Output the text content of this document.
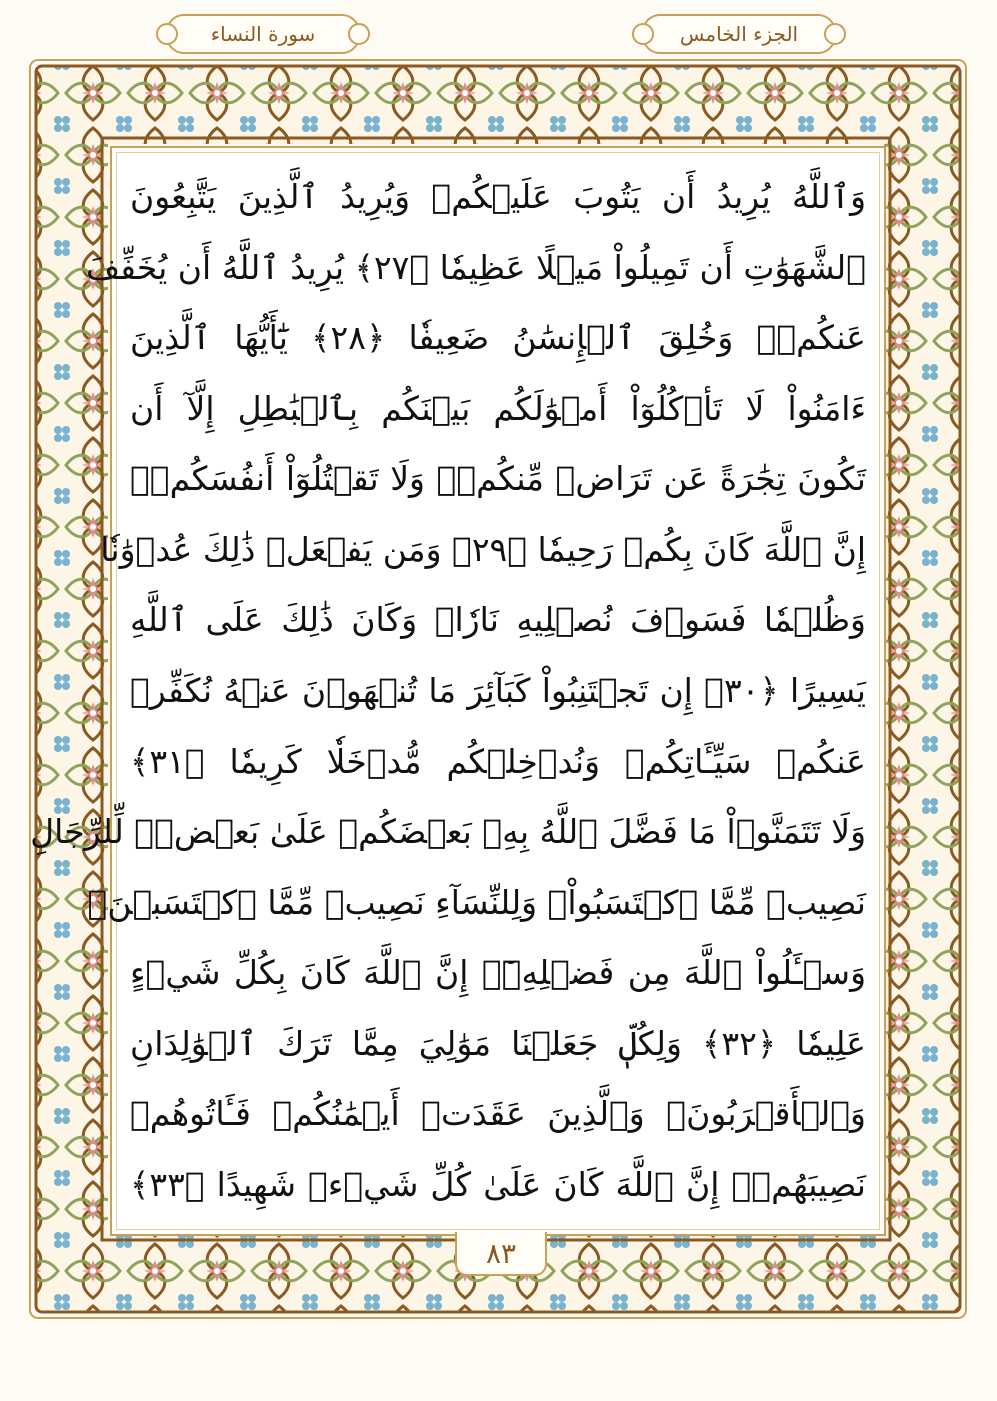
سورة النساء	الجزء الخامس
وَٱللَّهُ يُرِيدُ أَن يَتُوبَ عَلَيۡكُمۡ وَيُرِيدُ ٱلَّذِينَ يَتَّبِعُونَ
ٱلشَّهَوَٰتِ أَن تَمِيلُواْ مَيۡلًا عَظِيمٗا ﴿٢٧﴾ يُرِيدُ ٱللَّهُ أَن يُخَفِّفَ
عَنكُمۡۚ وَخُلِقَ ٱلۡإِنسَٰنُ ضَعِيفٗا ﴿٢٨﴾ يَٰٓأَيُّهَا ٱلَّذِينَ
ءَامَنُواْ لَا تَأۡكُلُوٓاْ أَمۡوَٰلَكُم بَيۡنَكُم بِٱلۡبَٰطِلِ إِلَّآ أَن
تَكُونَ تِجَٰرَةً عَن تَرَاضٖ مِّنكُمۡۚ وَلَا تَقۡتُلُوٓاْ أَنفُسَكُمۡۚ
إِنَّ ٱللَّهَ كَانَ بِكُمۡ رَحِيمٗا ﴿٢٩﴾ وَمَن يَفۡعَلۡ ذَٰلِكَ عُدۡوَٰنٗا
وَظُلۡمٗا فَسَوۡفَ نُصۡلِيهِ نَارٗاۚ وَكَانَ ذَٰلِكَ عَلَى ٱللَّهِ
يَسِيرًا ﴿٣٠﴾ إِن تَجۡتَنِبُواْ كَبَآئِرَ مَا تُنۡهَوۡنَ عَنۡهُ نُكَفِّرۡ
عَنكُمۡ سَيِّـَٔاتِكُمۡ وَنُدۡخِلۡكُم مُّدۡخَلٗا كَرِيمٗا ﴿٣١﴾
وَلَا تَتَمَنَّوۡاْ مَا فَضَّلَ ٱللَّهُ بِهِۦ بَعۡضَكُمۡ عَلَىٰ بَعۡضٖۚ لِّلرِّجَالِ
نَصِيبٞ مِّمَّا ٱكۡتَسَبُواْۖ وَلِلنِّسَآءِ نَصِيبٞ مِّمَّا ٱكۡتَسَبۡنَۚ
وَسۡـَٔلُواْ ٱللَّهَ مِن فَضۡلِهِۦٓۚ إِنَّ ٱللَّهَ كَانَ بِكُلِّ شَيۡءٍ
عَلِيمٗا ﴿٣٢﴾ وَلِكُلّٖ جَعَلۡنَا مَوَٰلِيَ مِمَّا تَرَكَ ٱلۡوَٰلِدَانِ
وَٱلۡأَقۡرَبُونَۚ وَٱلَّذِينَ عَقَدَتۡ أَيۡمَٰنُكُمۡ فَـَٔاتُوهُمۡ
نَصِيبَهُمۡۚ إِنَّ ٱللَّهَ كَانَ عَلَىٰ كُلِّ شَيۡءٖ شَهِيدًا ﴿٣٣﴾
٨٣
